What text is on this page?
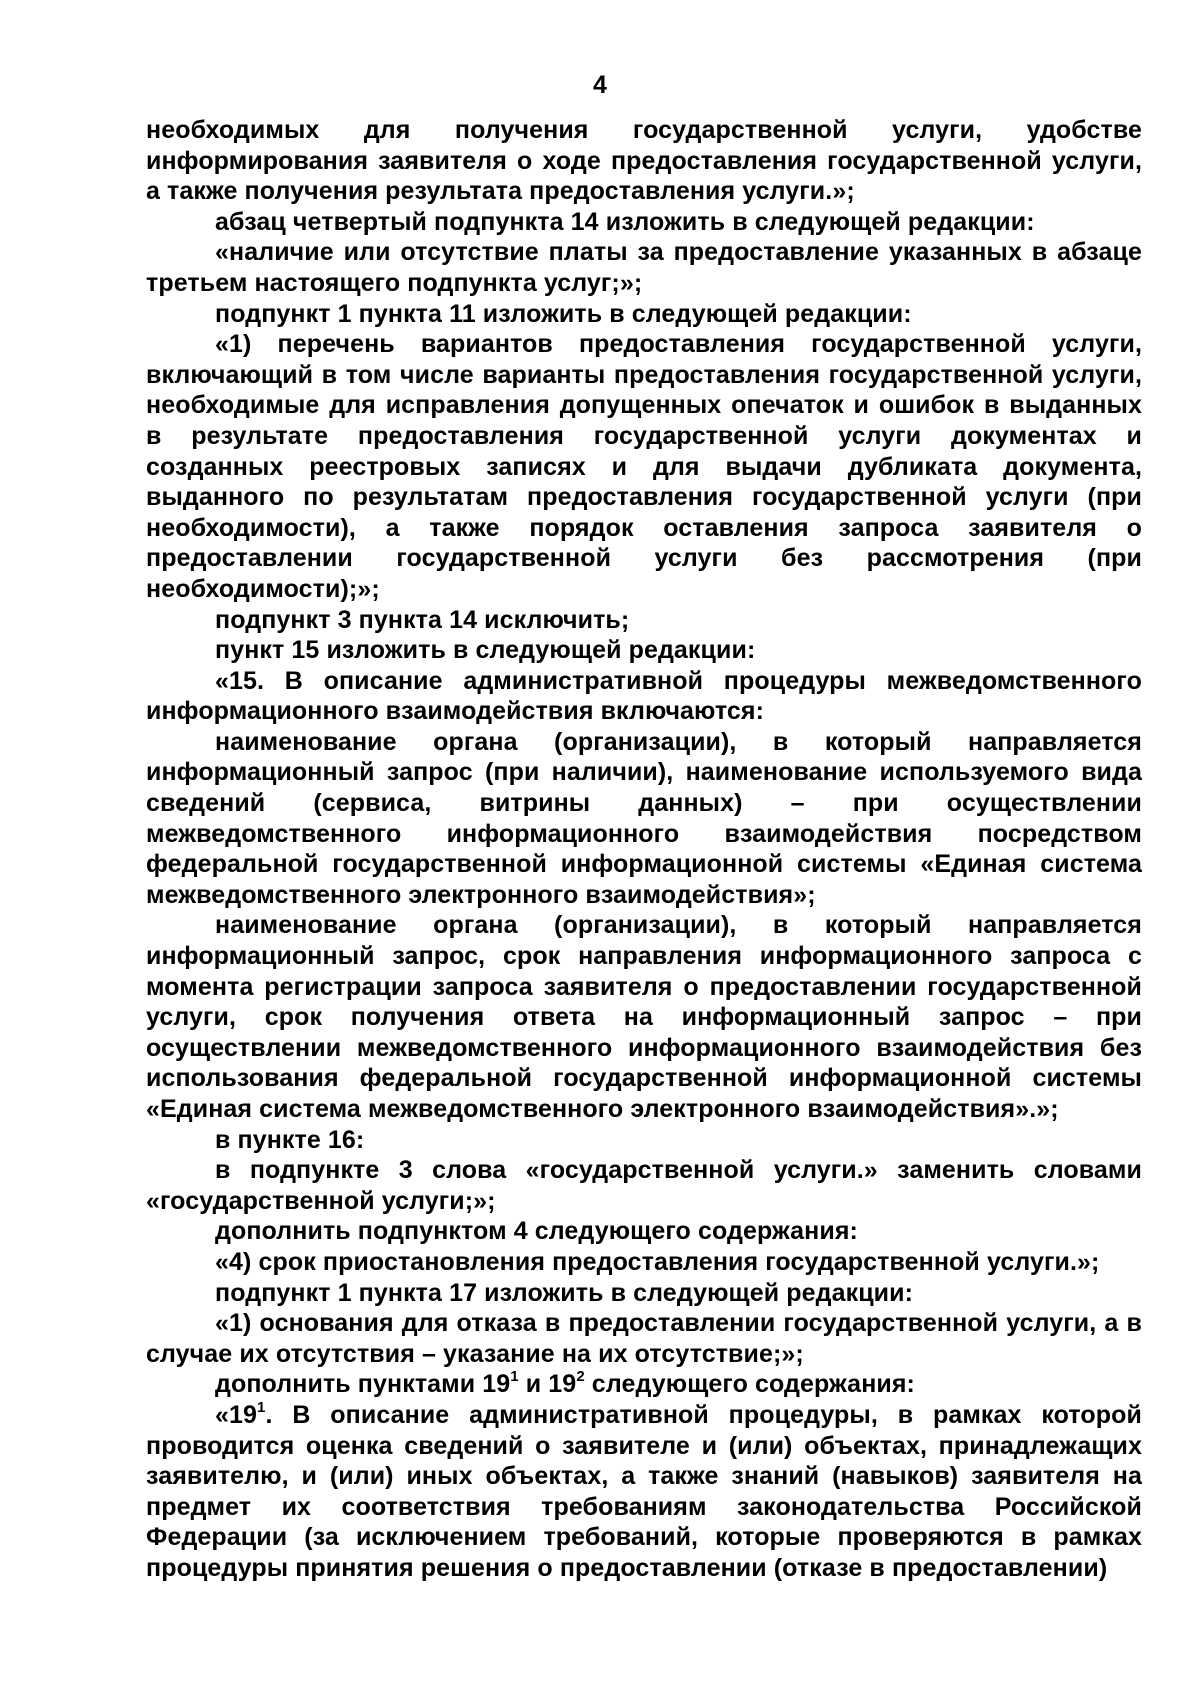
4

необходимых для получения государственной услуги, удобстве информирования заявителя о ходе предоставления государственной услуги, а также получения результата предоставления услуги.»;

абзац четвертый подпункта 14 изложить в следующей редакции:

«наличие или отсутствие платы за предоставление указанных в абзаце третьем настоящего подпункта услуг;»;

подпункт 1 пункта 11 изложить в следующей редакции:

«1) перечень вариантов предоставления государственной услуги, включающий в том числе варианты предоставления государственной услуги, необходимые для исправления допущенных опечаток и ошибок в выданных в результате предоставления государственной услуги документах и созданных реестровых записях и для выдачи дубликата документа, выданного по результатам предоставления государственной услуги (при необходимости), а также порядок оставления запроса заявителя о предоставлении государственной услуги без рассмотрения (при необходимости);»;

подпункт 3 пункта 14 исключить;

пункт 15 изложить в следующей редакции:

«15. В описание административной процедуры межведомственного информационного взаимодействия включаются:

наименование органа (организации), в который направляется информационный запрос (при наличии), наименование используемого вида сведений (сервиса, витрины данных) – при осуществлении межведомственного информационного взаимодействия посредством федеральной государственной информационной системы «Единая система межведомственного электронного взаимодействия»;

наименование органа (организации), в который направляется информационный запрос, срок направления информационного запроса с момента регистрации запроса заявителя о предоставлении государственной услуги, срок получения ответа на информационный запрос – при осуществлении межведомственного информационного взаимодействия без использования федеральной государственной информационной системы «Единая система межведомственного электронного взаимодействия».»;

в пункте 16:

в подпункте 3 слова «государственной услуги.» заменить словами «государственной услуги;»;

дополнить подпунктом 4 следующего содержания:

«4) срок приостановления предоставления государственной услуги.»;

подпункт 1 пункта 17 изложить в следующей редакции:

«1) основания для отказа в предоставлении государственной услуги, а в случае их отсутствия – указание на их отсутствие;»;

дополнить пунктами $19^1$ и $19^2$ следующего содержания:

«$19^1$. В описание административной процедуры, в рамках которой проводится оценка сведений о заявителе и (или) объектах, принадлежащих заявителю, и (или) иных объектах, а также знаний (навыков) заявителя на предмет их соответствия требованиям законодательства Российской Федерации (за исключением требований, которые проверяются в рамках процедуры принятия решения о предоставлении (отказе в предоставлении)
